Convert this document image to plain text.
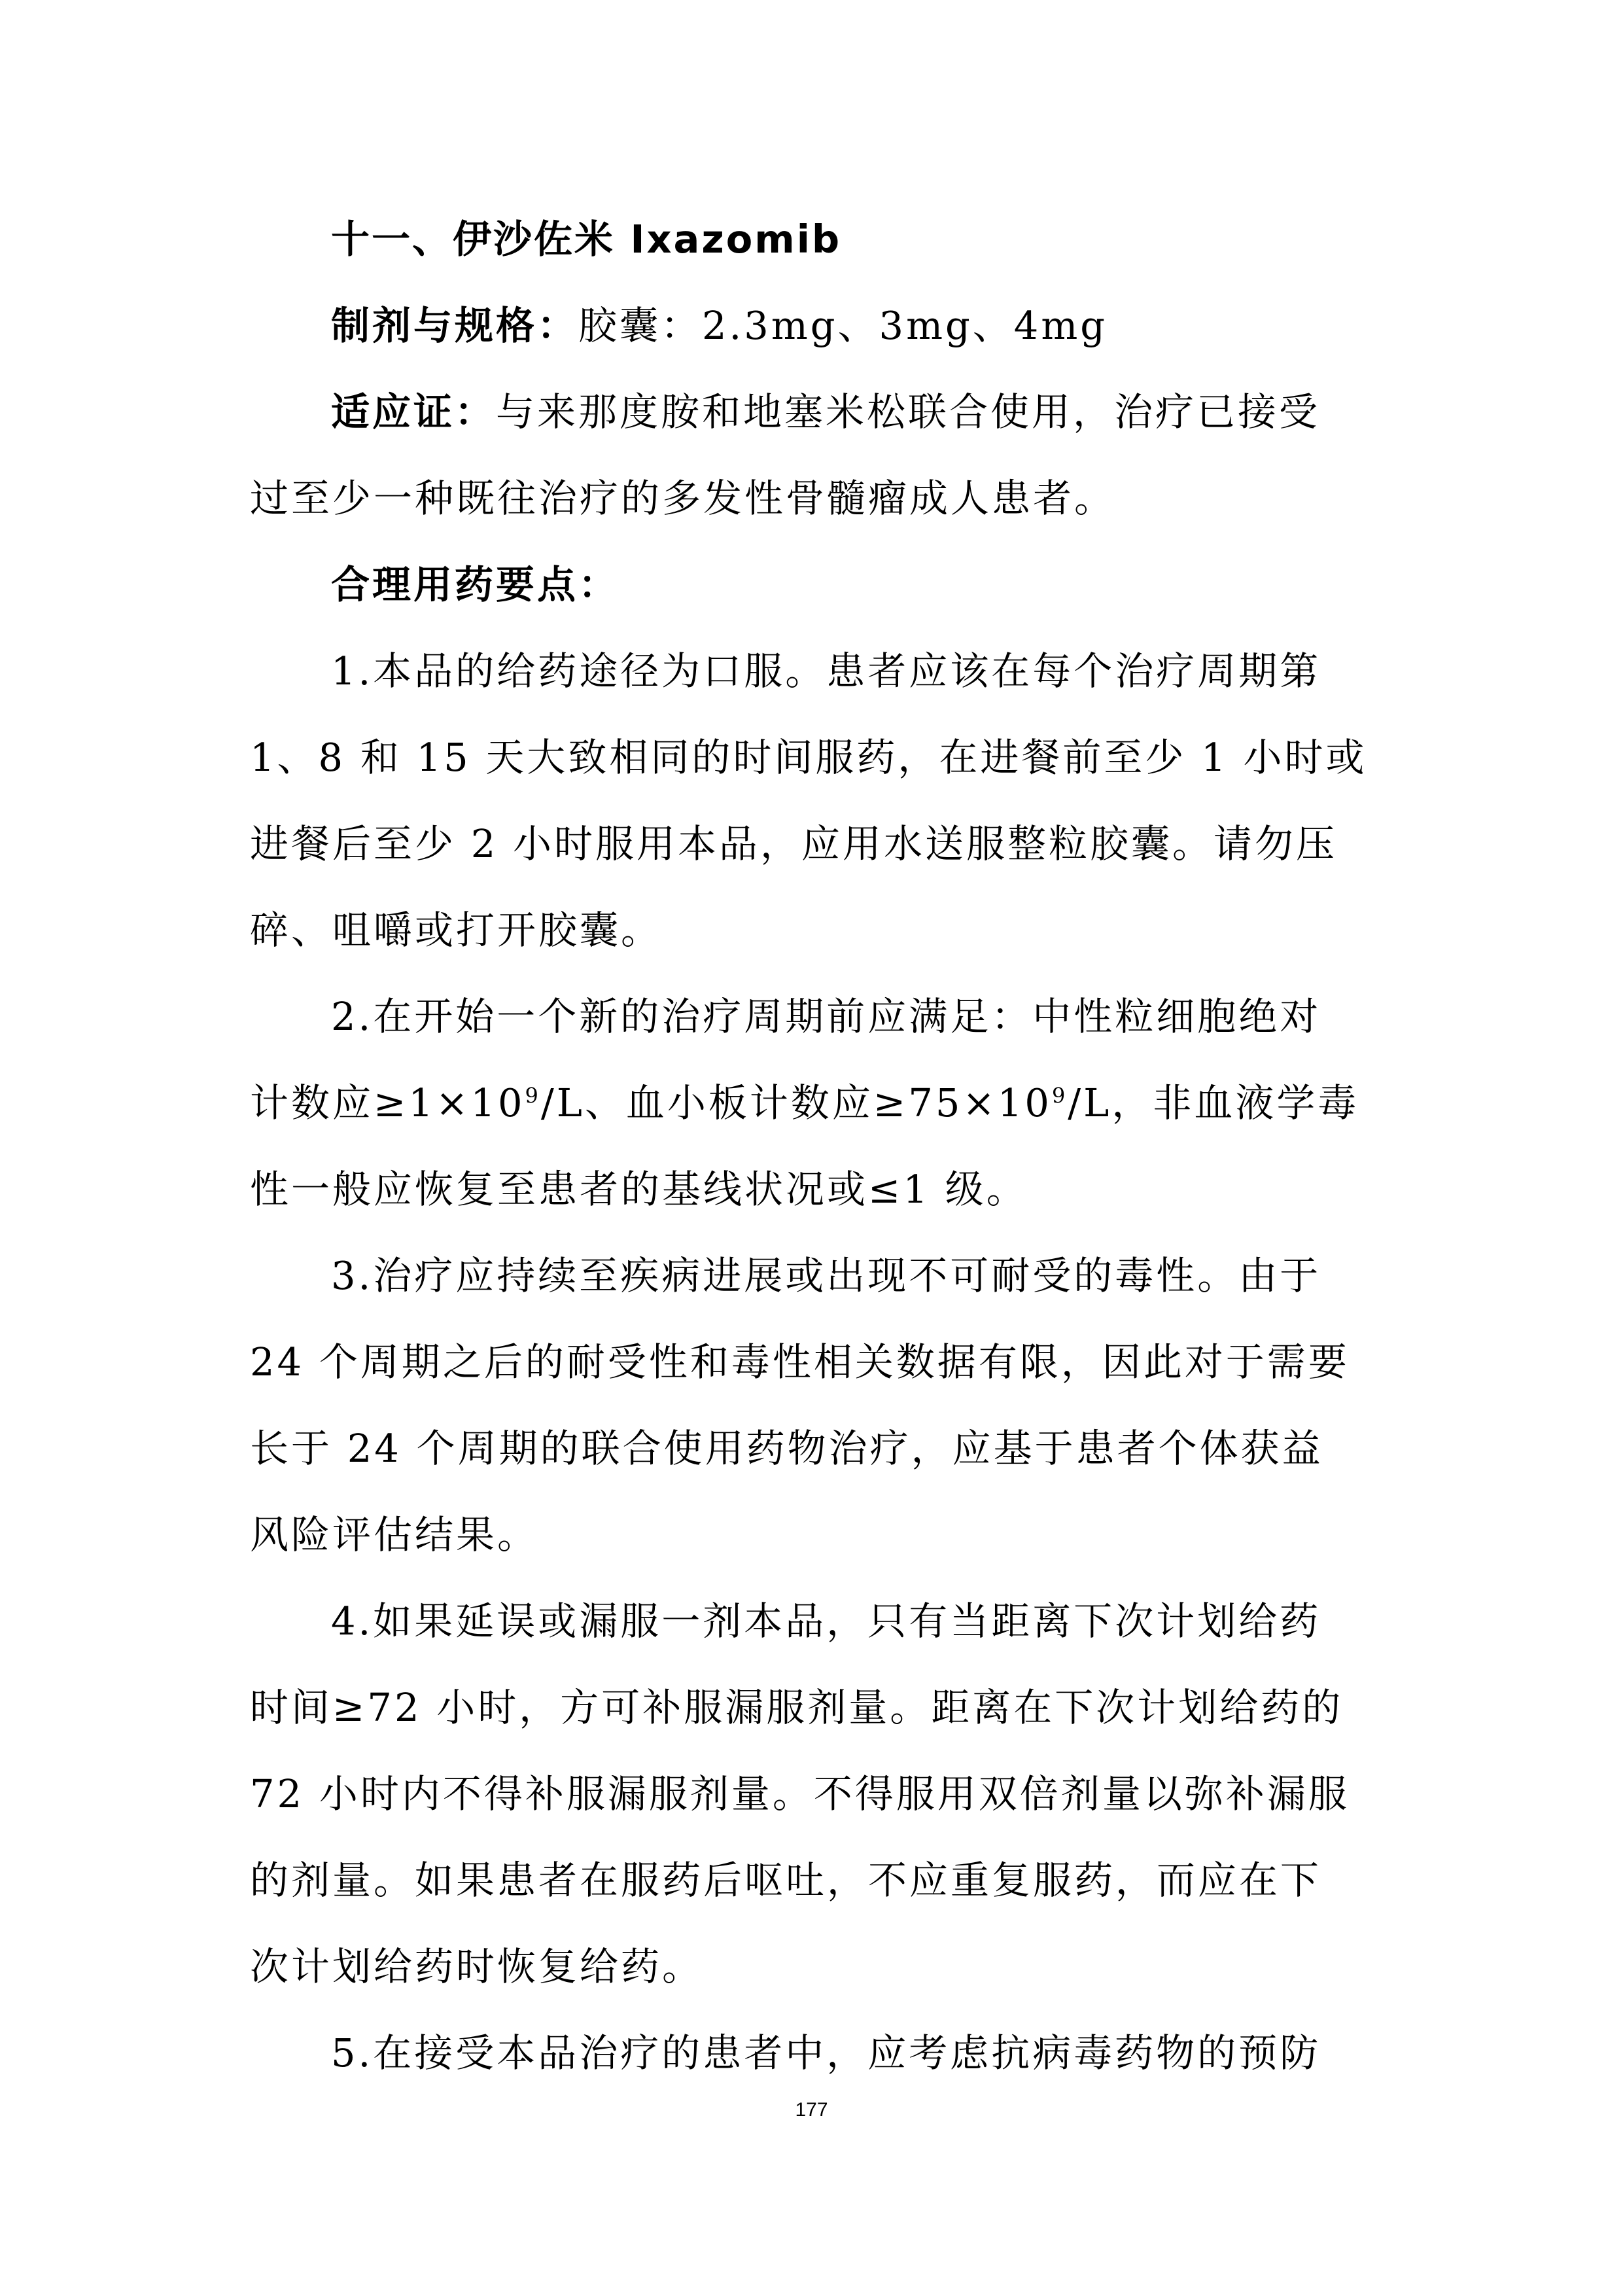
十一、伊沙佐米 Ixazomib
制剂与规格：胶囊：2.3mg、3mg、4mg
适应证：与来那度胺和地塞米松联合使用，治疗已接受
过至少一种既往治疗的多发性骨髓瘤成人患者。
合理用药要点：
1.本品的给药途径为口服。患者应该在每个治疗周期第
1、8 和 15 天大致相同的时间服药，在进餐前至少 1 小时或
进餐后至少 2 小时服用本品，应用水送服整粒胶囊。请勿压
碎、咀嚼或打开胶囊。
2.在开始一个新的治疗周期前应满足：中性粒细胞绝对
计数应$\ge 1\times 10^9/L$、血小板计数应$\ge 75\times 10^9/L$，非血液学毒
性一般应恢复至患者的基线状况或≤1 级。
3.治疗应持续至疾病进展或出现不可耐受的毒性。由于
24 个周期之后的耐受性和毒性相关数据有限，因此对于需要
长于 24 个周期的联合使用药物治疗，应基于患者个体获益
风险评估结果。
4.如果延误或漏服一剂本品，只有当距离下次计划给药
时间≥72 小时，方可补服漏服剂量。距离在下次计划给药的
72 小时内不得补服漏服剂量。不得服用双倍剂量以弥补漏服
的剂量。如果患者在服药后呕吐，不应重复服药，而应在下
次计划给药时恢复给药。
5.在接受本品治疗的患者中，应考虑抗病毒药物的预防
177
